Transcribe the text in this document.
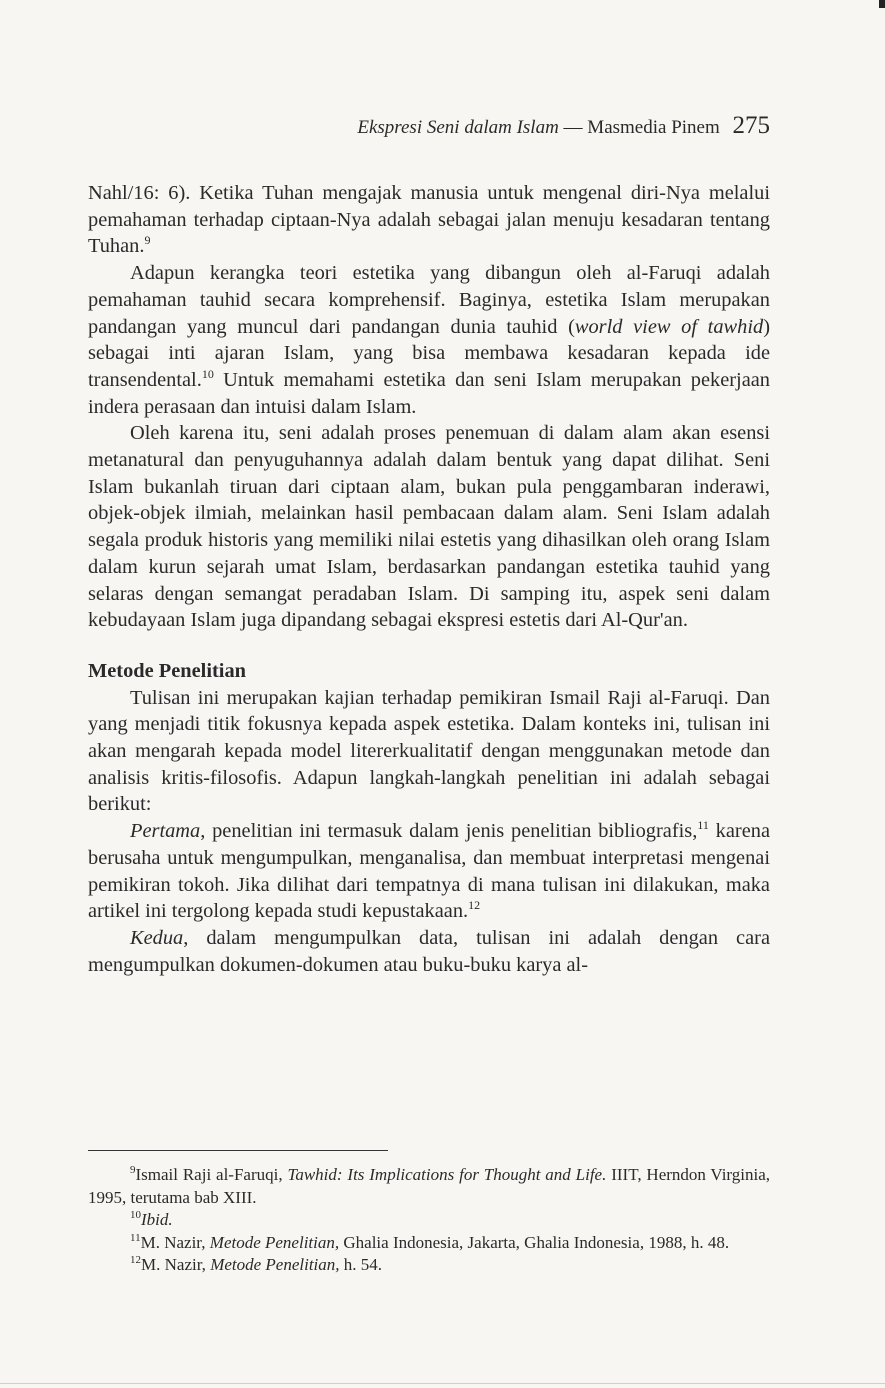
Ekspresi Seni dalam Islam — Masmedia Pinem 275

Nahl/16: 6). Ketika Tuhan mengajak manusia untuk mengenal diri-Nya melalui pemahaman terhadap ciptaan-Nya adalah sebagai jalan menuju kesadaran tentang Tuhan.$^9$

Adapun kerangka teori estetika yang dibangun oleh al-Faruqi adalah pemahaman tauhid secara komprehensif. Baginya, estetika Islam merupakan pandangan yang muncul dari pandangan dunia tauhid (world view of tawhid) sebagai inti ajaran Islam, yang bisa membawa kesadaran kepada ide transendental.$^{10}$ Untuk memahami estetika dan seni Islam merupakan pekerjaan indera perasaan dan intuisi dalam Islam.

Oleh karena itu, seni adalah proses penemuan di dalam alam akan esensi metanatural dan penyuguhannya adalah dalam bentuk yang dapat dilihat. Seni Islam bukanlah tiruan dari ciptaan alam, bukan pula penggambaran inderawi, objek-objek ilmiah, melainkan hasil pembacaan dalam alam. Seni Islam adalah segala produk historis yang memiliki nilai estetis yang dihasilkan oleh orang Islam dalam kurun sejarah umat Islam, berdasarkan pandangan estetika tauhid yang selaras dengan semangat peradaban Islam. Di samping itu, aspek seni dalam kebudayaan Islam juga dipandang sebagai ekspresi estetis dari Al-Qur'an.

Metode Penelitian

Tulisan ini merupakan kajian terhadap pemikiran Ismail Raji al-Faruqi. Dan yang menjadi titik fokusnya kepada aspek estetika. Dalam konteks ini, tulisan ini akan mengarah kepada model litererkualitatif dengan menggunakan metode dan analisis kritis-filosofis. Adapun langkah-langkah penelitian ini adalah sebagai berikut:

Pertama, penelitian ini termasuk dalam jenis penelitian bibliografis,$^{11}$ karena berusaha untuk mengumpulkan, menganalisa, dan membuat interpretasi mengenai pemikiran tokoh. Jika dilihat dari tempatnya di mana tulisan ini dilakukan, maka artikel ini tergolong kepada studi kepustakaan.$^{12}$

Kedua, dalam mengumpulkan data, tulisan ini adalah dengan cara mengumpulkan dokumen-dokumen atau buku-buku karya al-

$^9$Ismail Raji al-Faruqi, Tawhid: Its Implications for Thought and Life. IIIT, Herndon Virginia, 1995, terutama bab XIII.

$^{10}$Ibid.

$^{11}$M. Nazir, Metode Penelitian, Ghalia Indonesia, Jakarta, Ghalia Indonesia, 1988, h. 48.

$^{12}$M. Nazir, Metode Penelitian, h. 54.
